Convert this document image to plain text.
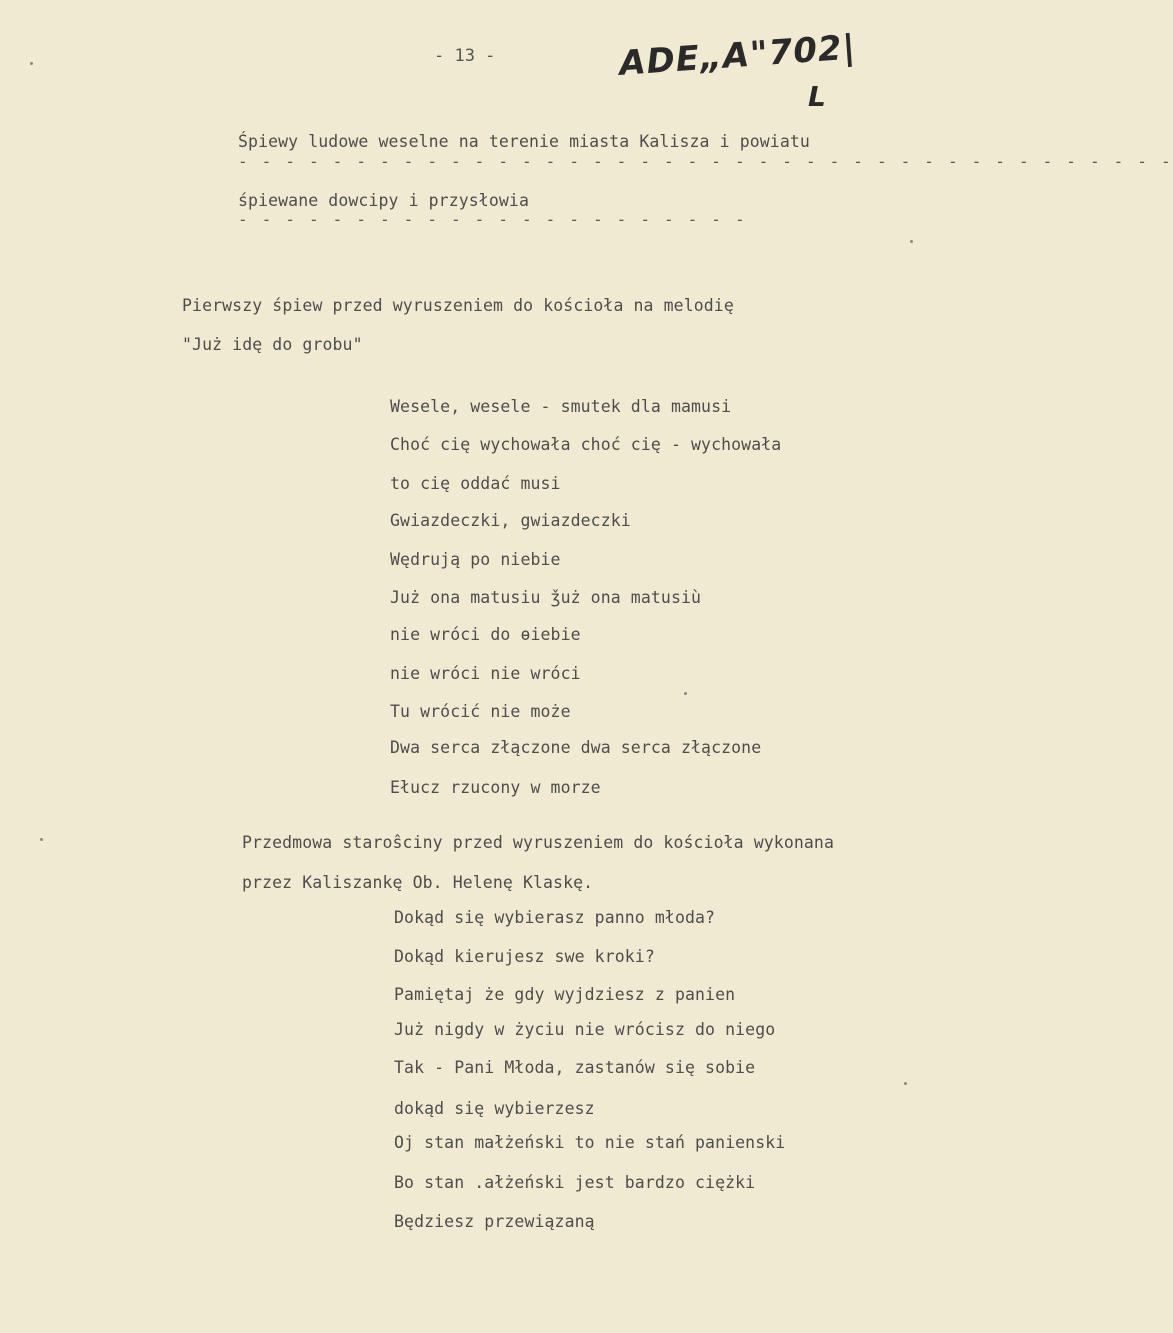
- 13 -	ADE„A"702|
L
Śpiewy ludowe weselne na terenie miasta Kalisza i powiatu
- - - - - - - - - - - - - - - - - - - - - - - - - - - - - - - - - - - - - - - -
śpiewane dowcipy i przysłowia
- - - - - - - - - - - - - - - - - - - - - -
Pierwszy śpiew przed wyruszeniem do kościoła na melodię
"Już idę do grobu"
Wesele, wesele - smutek dla mamusi
Choć cię wychowała choć cię - wychowała
to cię oddać musi
Gwiazdeczki, gwiazdeczki
Wędrują po niebie
Już ona matusiu ǯuż ona matusiù
nie wróci do ɵiebie
nie wróci nie wróci
Tu wrócić nie może
Dwa serca złączone dwa serca złączone
Ełucz rzucony w morze
Przedmowa staroŝciny przed wyruszeniem do kościoła wykonana
przez Kaliszankę Ob. Helenę Klaskę.
Dokąd się wybierasz panno młoda?
Dokąd kierujesz swe kroki?
Pamiętaj że gdy wyjdziesz z panien
Już nigdy w życiu nie wrócisz do niego
Tak - Pani Młoda, zastanów się sobie
dokąd się wybierzesz
Oj stan małżeński to nie stań panienski
Bo stan .ałżeński jest bardzo ciężki
Będziesz przewiązaną
